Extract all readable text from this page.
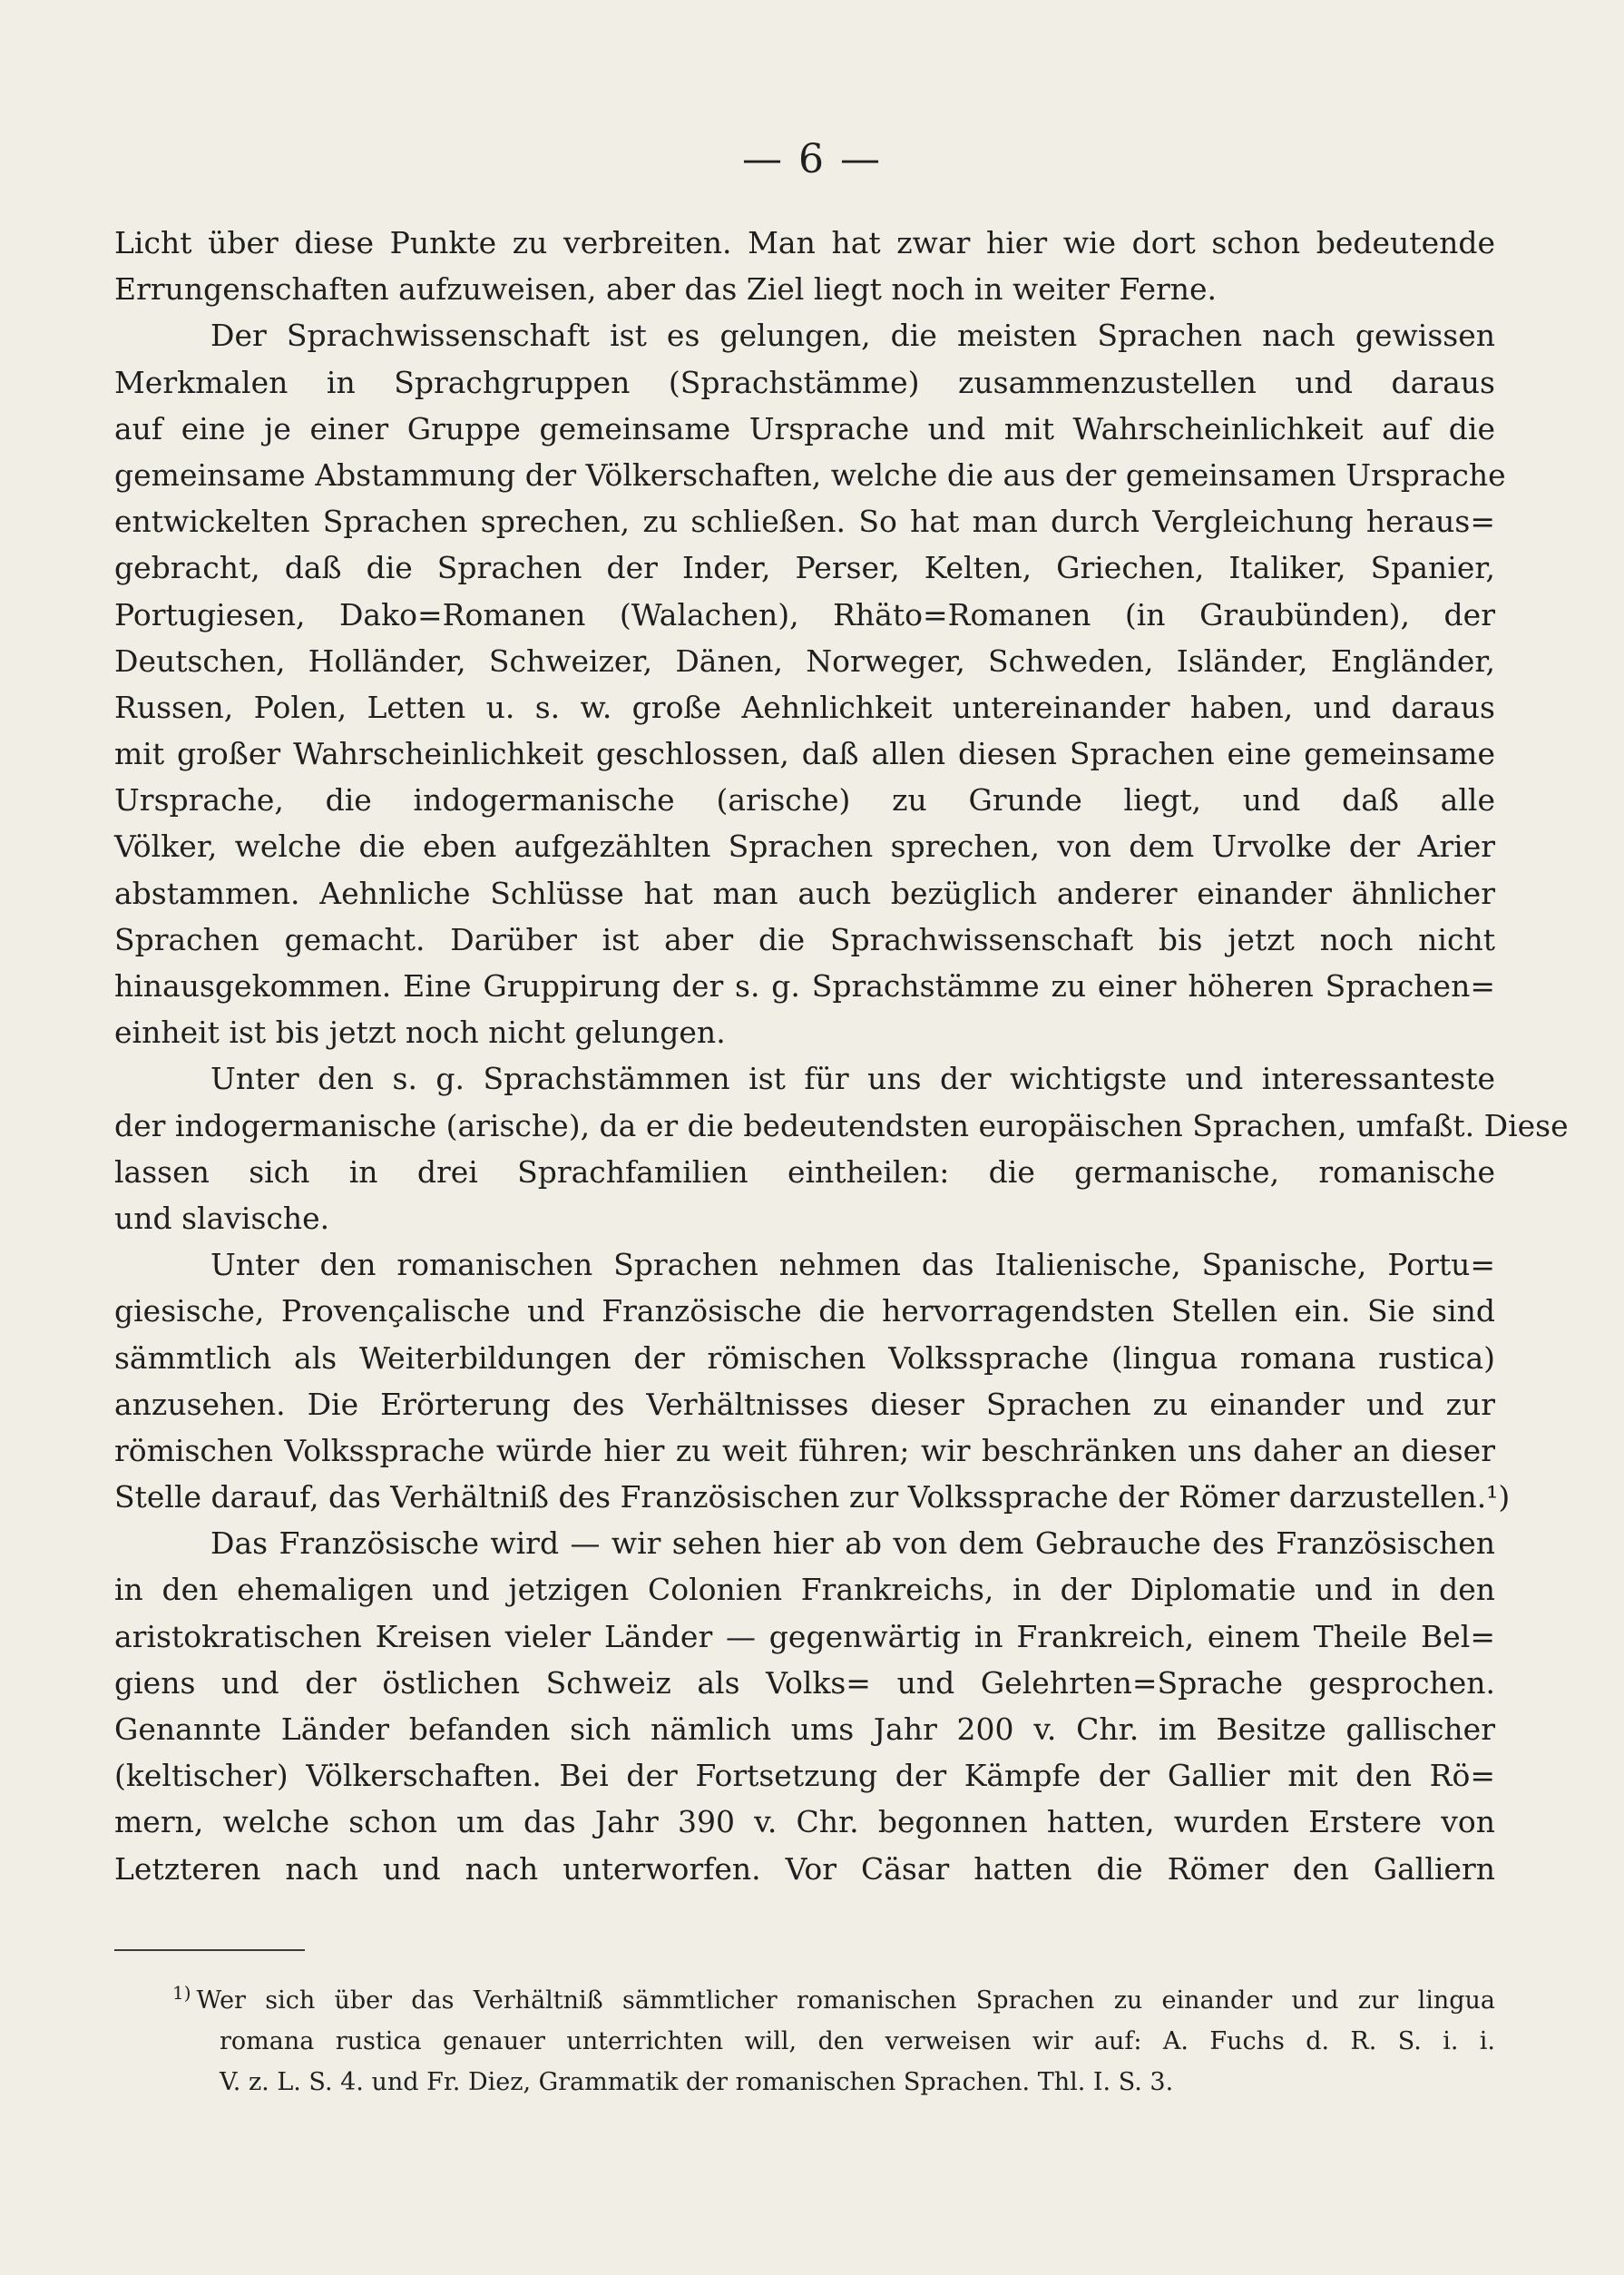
— 6 —
Licht über diese Punkte zu verbreiten. Man hat zwar hier wie dort schon bedeutende
Errungenschaften aufzuweisen, aber das Ziel liegt noch in weiter Ferne.
Der Sprachwissenschaft ist es gelungen, die meisten Sprachen nach gewissen
Merkmalen in Sprachgruppen (Sprachstämme) zusammenzustellen und daraus
auf eine je einer Gruppe gemeinsame Ursprache und mit Wahrscheinlichkeit auf die
gemeinsame Abstammung der Völkerschaften, welche die aus der gemeinsamen Ursprache
entwickelten Sprachen sprechen, zu schließen. So hat man durch Vergleichung heraus=
gebracht, daß die Sprachen der Inder, Perser, Kelten, Griechen, Italiker, Spanier,
Portugiesen, Dako=Romanen (Walachen), Rhäto=Romanen (in Graubünden), der
Deutschen, Holländer, Schweizer, Dänen, Norweger, Schweden, Isländer, Engländer,
Russen, Polen, Letten u. s. w. große Aehnlichkeit untereinander haben, und daraus
mit großer Wahrscheinlichkeit geschlossen, daß allen diesen Sprachen eine gemeinsame
Ursprache, die indogermanische (arische) zu Grunde liegt, und daß alle
Völker, welche die eben aufgezählten Sprachen sprechen, von dem Urvolke der Arier
abstammen. Aehnliche Schlüsse hat man auch bezüglich anderer einander ähnlicher
Sprachen gemacht. Darüber ist aber die Sprachwissenschaft bis jetzt noch nicht
hinausgekommen. Eine Gruppirung der s. g. Sprachstämme zu einer höheren Sprachen=
einheit ist bis jetzt noch nicht gelungen.
Unter den s. g. Sprachstämmen ist für uns der wichtigste und interessanteste
der indogermanische (arische), da er die bedeutendsten europäischen Sprachen, umfaßt. Diese
lassen sich in drei Sprachfamilien eintheilen: die germanische, romanische
und slavische.
Unter den romanischen Sprachen nehmen das Italienische, Spanische, Portu=
giesische, Provençalische und Französische die hervorragendsten Stellen ein. Sie sind
sämmtlich als Weiterbildungen der römischen Volkssprache (lingua romana rustica)
anzusehen. Die Erörterung des Verhältnisses dieser Sprachen zu einander und zur
römischen Volkssprache würde hier zu weit führen; wir beschränken uns daher an dieser
Stelle darauf, das Verhältniß des Französischen zur Volkssprache der Römer darzustellen.¹)
Das Französische wird — wir sehen hier ab von dem Gebrauche des Französischen
in den ehemaligen und jetzigen Colonien Frankreichs, in der Diplomatie und in den
aristokratischen Kreisen vieler Länder — gegenwärtig in Frankreich, einem Theile Bel=
giens und der östlichen Schweiz als Volks= und Gelehrten=Sprache gesprochen.
Genannte Länder befanden sich nämlich ums Jahr 200 v. Chr. im Besitze gallischer
(keltischer) Völkerschaften. Bei der Fortsetzung der Kämpfe der Gallier mit den Rö=
mern, welche schon um das Jahr 390 v. Chr. begonnen hatten, wurden Erstere von
Letzteren nach und nach unterworfen. Vor Cäsar hatten die Römer den Galliern
$^{1)}$ Wer sich über das Verhältniß sämmtlicher romanischen Sprachen zu einander und zur lingua
romana rustica genauer unterrichten will, den verweisen wir auf: A. Fuchs d. R. S. i. i.
V. z. L. S. 4. und Fr. Diez, Grammatik der romanischen Sprachen. Thl. I. S. 3.
